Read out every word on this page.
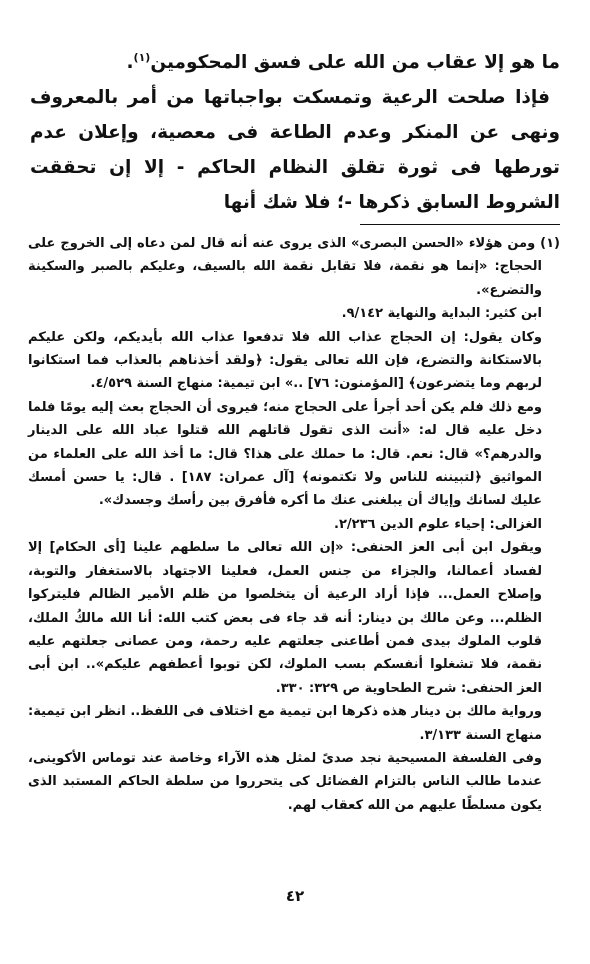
ما هو إلا عقاب من الله على فسق المحكومين$^{(١)}$.

فإذا صلحت الرعية وتمسكت بواجباتها من أمر بالمعروف ونهى عن المنكر وعدم الطاعة فى معصية، وإعلان عدم تورطها فى ثورة تقلق النظام الحاكم - إلا إن تحققت الشروط السابق ذكرها -؛ فلا شك أنها

(١) ومن هؤلاء «الحسن البصرى» الذى يروى عنه أنه قال لمن دعاه إلى الخروج على الحجاج: «إنما هو نقمة، فلا تقابل نقمة الله بالسيف، وعليكم بالصبر والسكينة والتضرع».

ابن كثير: البداية والنهاية ٩/١٤٢.

وكان يقول: إن الحجاج عذاب الله فلا تدفعوا عذاب الله بأيديكم، ولكن عليكم بالاستكانة والتضرع، فإن الله تعالى يقول: ﴿ولقد أخذناهم بالعذاب فما استكانوا لربهم وما يتضرعون﴾ [المؤمنون: ٧٦] ..» ابن تيمية: منهاج السنة ٤/٥٢٩.

ومع ذلك فلم يكن أحد أجرأ على الحجاج منه؛ فيروى أن الحجاج بعث إليه يومًا فلما دخل عليه قال له: «أنت الذى تقول قاتلهم الله قتلوا عباد الله على الدينار والدرهم؟» قال: نعم. قال: ما حملك على هذا؟ قال: ما أخذ الله على العلماء من المواثيق ﴿لتبيننه للناس ولا تكتمونه﴾ [آل عمران: ١٨٧] . قال: يا حسن أمسك عليك لسانك وإياك أن يبلغنى عنك ما أكره فأفرق بين رأسك وجسدك».

الغزالى: إحياء علوم الدين ٢/٢٣٦.

ويقول ابن أبى العز الحنفى: «إن الله تعالى ما سلطهم علينا [أى الحكام] إلا لفساد أعمالنا، والجزاء من جنس العمل، فعلينا الاجتهاد بالاستغفار والتوبة، وإصلاح العمل... فإذا أراد الرعية أن يتخلصوا من ظلم الأمير الظالم فليتركوا الظلم... وعن مالك بن دينار: أنه قد جاء فى بعض كتب الله: أنا الله مالكُ الملك، قلوب الملوك بيدى فمن أطاعنى جعلتهم عليه رحمة، ومن عصانى جعلتهم عليه نقمة، فلا تشغلوا أنفسكم بسب الملوك، لكن توبوا أعطفهم عليكم».. ابن أبى العز الحنفى: شرح الطحاوية ص ٣٢٩: ٣٣٠.

ورواية مالك بن دينار هذه ذكرها ابن تيمية مع اختلاف فى اللفظ.. انظر ابن تيمية: منهاج السنة ٣/١٣٣.

وفى الفلسفة المسيحية نجد صدىً لمثل هذه الآراء وخاصة عند توماس الأكوينى، عندما طالب الناس بالتزام الفضائل كى يتحرروا من سلطة الحاكم المستبد الذى يكون مسلطًا عليهم من الله كعقاب لهم.

٤٢
